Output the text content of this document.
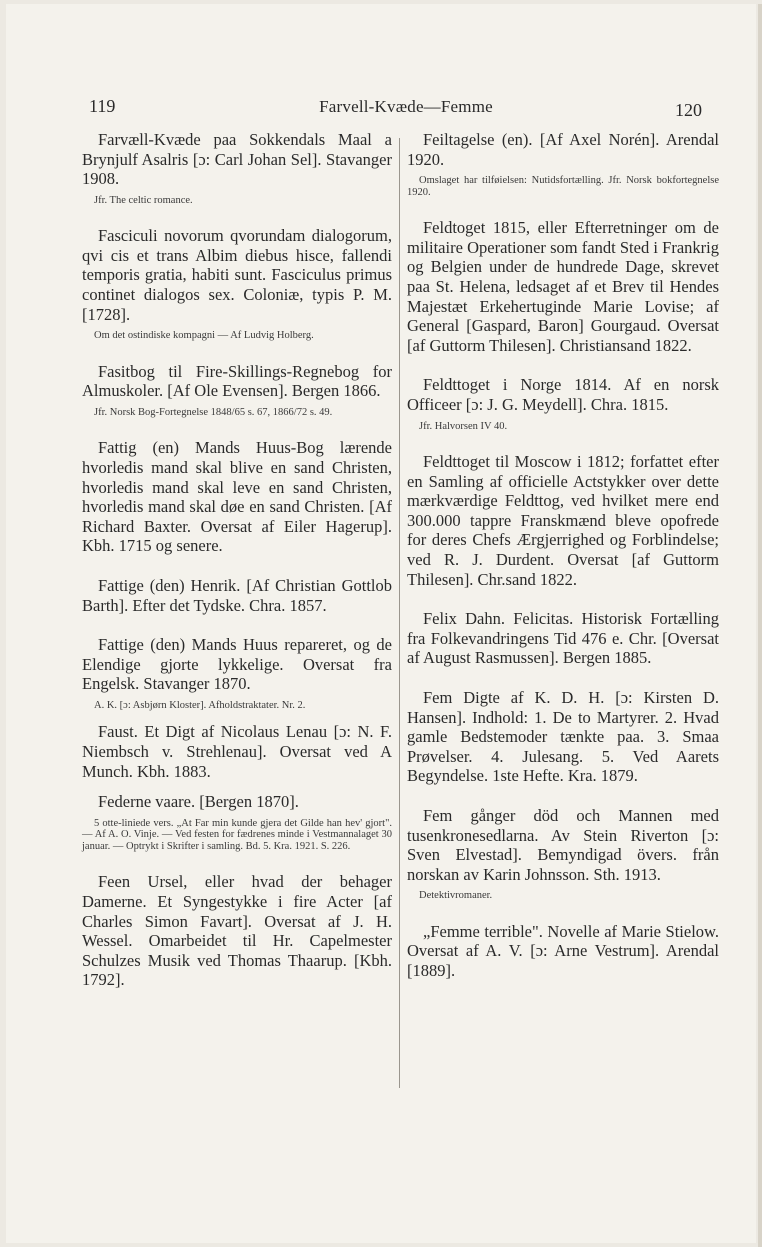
119	Farvell-Kvæde—Femme	120

Farvæll-Kvæde paa Sokkendals Maal a Brynjulf Asalris [ɔ: Carl Johan Sel]. Stavanger 1908.

Jfr. The celtic romance.

Fasciculi novorum qvorundam dialogorum, qvi cis et trans Albim diebus hisce, fallendi temporis gratia, habiti sunt. Fasciculus primus continet dialogos sex. Coloniæ, typis P. M. [1728].

Om det ostindiske kompagni — Af Ludvig Holberg.

Fasitbog til Fire-Skillings-Regnebog for Almuskoler. [Af Ole Evensen]. Bergen 1866.

Jfr. Norsk Bog-Fortegnelse 1848/65 s. 67, 1866/72 s. 49.

Fattig (en) Mands Huus-Bog lærende hvorledis mand skal blive en sand Christen, hvorledis mand skal leve en sand Christen, hvorledis mand skal døe en sand Christen. [Af Richard Baxter. Oversat af Eiler Hagerup]. Kbh. 1715 og senere.

Fattige (den) Henrik. [Af Christian Gottlob Barth]. Efter det Tydske. Chra. 1857.

Fattige (den) Mands Huus repareret, og de Elendige gjorte lykkelige. Oversat fra Engelsk. Stavanger 1870.

A. K. [ɔ: Asbjørn Kloster]. Afholdstraktater. Nr. 2.

Faust. Et Digt af Nicolaus Lenau [ɔ: N. F. Niembsch v. Strehlenau]. Oversat ved A Munch. Kbh. 1883.

Federne vaare. [Bergen 1870].

5 otte-liniede vers. „At Far min kunde gjera det Gilde han hev' gjort". — Af A. O. Vinje. — Ved festen for fædrenes minde i Vestmannalaget 30 januar. — Optrykt i Skrifter i samling. Bd. 5. Kra. 1921. S. 226.

Feen Ursel, eller hvad der behager Damerne. Et Syngestykke i fire Acter [af Charles Simon Favart]. Oversat af J. H. Wessel. Omarbeidet til Hr. Capelmester Schulzes Musik ved Thomas Thaarup. [Kbh. 1792].

Feiltagelse (en). [Af Axel Norén]. Arendal 1920.

Omslaget har tilføielsen: Nutidsfortælling. Jfr. Norsk bokfortegnelse 1920.

Feldtoget 1815, eller Efterretninger om de militaire Operationer som fandt Sted i Frankrig og Belgien under de hundrede Dage, skrevet paa St. Helena, ledsaget af et Brev til Hendes Majestæt Erkehertuginde Marie Lovise; af General [Gaspard, Baron] Gourgaud. Oversat [af Guttorm Thilesen]. Christiansand 1822.

Feldttoget i Norge 1814. Af en norsk Officeer [ɔ: J. G. Meydell]. Chra. 1815.

Jfr. Halvorsen IV 40.

Feldttoget til Moscow i 1812; forfattet efter en Samling af officielle Actstykker over dette mærkværdige Feldttog, ved hvilket mere end 300.000 tappre Franskmænd bleve opofrede for deres Chefs Ærgjerrighed og Forblindelse; ved R. J. Durdent. Oversat [af Guttorm Thilesen]. Chr.sand 1822.

Felix Dahn. Felicitas. Historisk Fortælling fra Folkevandringens Tid 476 e. Chr. [Oversat af August Rasmussen]. Bergen 1885.

Fem Digte af K. D. H. [ɔ: Kirsten D. Hansen]. Indhold: 1. De to Martyrer. 2. Hvad gamle Bedstemoder tænkte paa. 3. Smaa Prøvelser. 4. Julesang. 5. Ved Aarets Begyndelse. 1ste Hefte. Kra. 1879.

Fem gånger död och Mannen med tusenkronesedlarna. Av Stein Riverton [ɔ: Sven Elvestad]. Bemyndigad övers. från norskan av Karin Johnsson. Sth. 1913.

Detektivromaner.

„Femme terrible". Novelle af Marie Stielow. Oversat af A. V. [ɔ: Arne Vestrum]. Arendal [1889].
